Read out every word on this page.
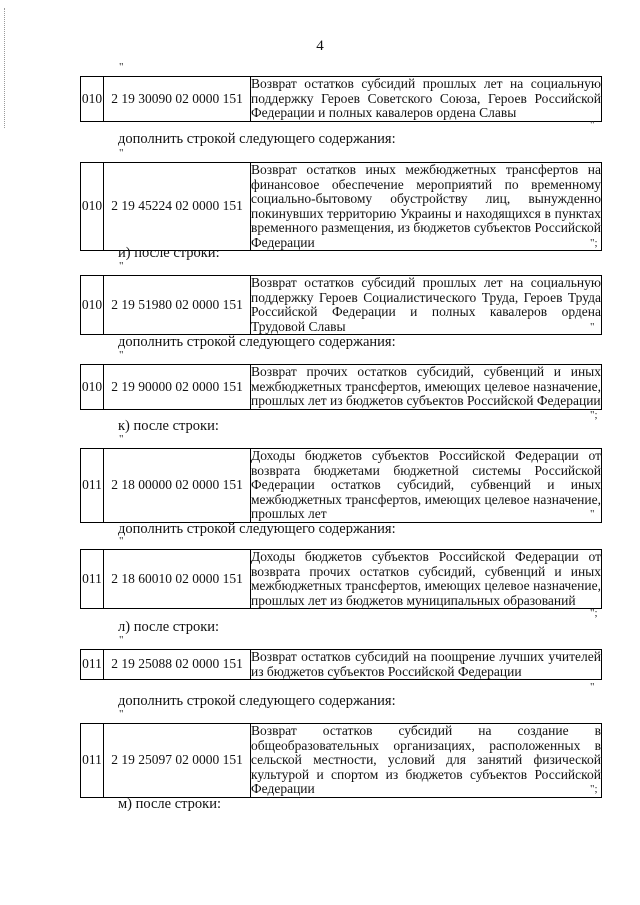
4
"
010	2 19 30090 02 0000 151	Возврат остатков субсидий прошлых лет на социальную поддержку Героев Советского Союза, Героев Российской Федерации и полных кавалеров ордена Славы
"
дополнить строкой следующего содержания:
"
010	2 19 45224 02 0000 151	Возврат остатков иных межбюджетных трансфертов на финансовое обеспечение мероприятий по временному социально-бытовому обустройству лиц, вынужденно покинувших территорию Украины и находящихся в пунктах временного размещения, из бюджетов субъектов Российской Федерации	";
и) после строки:
"
010	2 19 51980 02 0000 151	Возврат остатков субсидий прошлых лет на социальную поддержку Героев Социалистического Труда, Героев Труда Российской Федерации и полных кавалеров ордена Трудовой Славы	"
дополнить строкой следующего содержания:
"
010	2 19 90000 02 0000 151	Возврат прочих остатков субсидий, субвенций и иных межбюджетных трансфертов, имеющих целевое назначение, прошлых лет из бюджетов субъектов Российской Федерации
";
к) после строки:
"
011	2 18 00000 02 0000 151	Доходы бюджетов субъектов Российской Федерации от возврата бюджетами бюджетной системы Российской Федерации остатков субсидий, субвенций и иных межбюджетных трансфертов, имеющих целевое назначение, прошлых лет	"
дополнить строкой следующего содержания:
"
011	2 18 60010 02 0000 151	Доходы бюджетов субъектов Российской Федерации от возврата прочих остатков субсидий, субвенций и иных межбюджетных трансфертов, имеющих целевое назначение, прошлых лет из бюджетов муниципальных образований
";
л) после строки:
"
011	2 19 25088 02 0000 151	Возврат остатков субсидий на поощрение лучших учителей из бюджетов субъектов Российской Федерации
"
дополнить строкой следующего содержания:
"
011	2 19 25097 02 0000 151	Возврат остатков субсидий на создание в общеобразовательных организациях, расположенных в сельской местности, условий для занятий физической культурой и спортом из бюджетов субъектов Российской Федерации	";
м) после строки:
